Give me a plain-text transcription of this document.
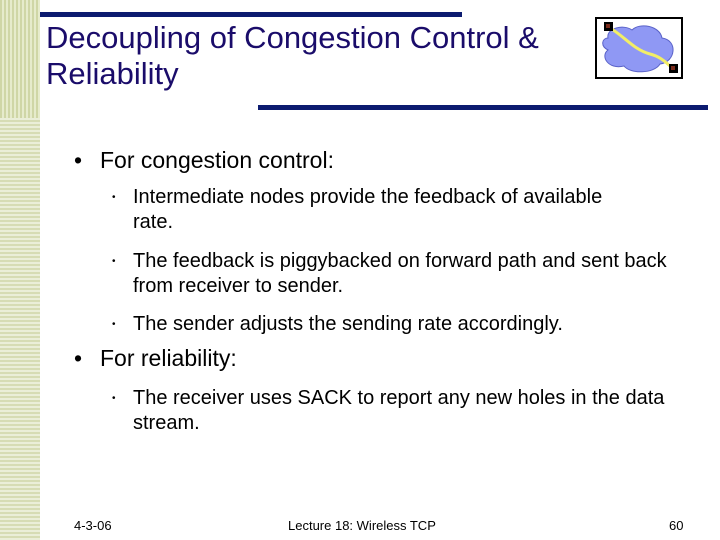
Decoupling of Congestion Control & Reliability
• For congestion control:
• Intermediate nodes provide the feedback of available rate.
• The feedback is piggybacked on forward path and sent back from receiver to sender.
• The sender adjusts the sending rate accordingly.
• For reliability:
• The receiver uses SACK to report any new holes in the data stream.
4-3-06	Lecture 18: Wireless TCP	60
